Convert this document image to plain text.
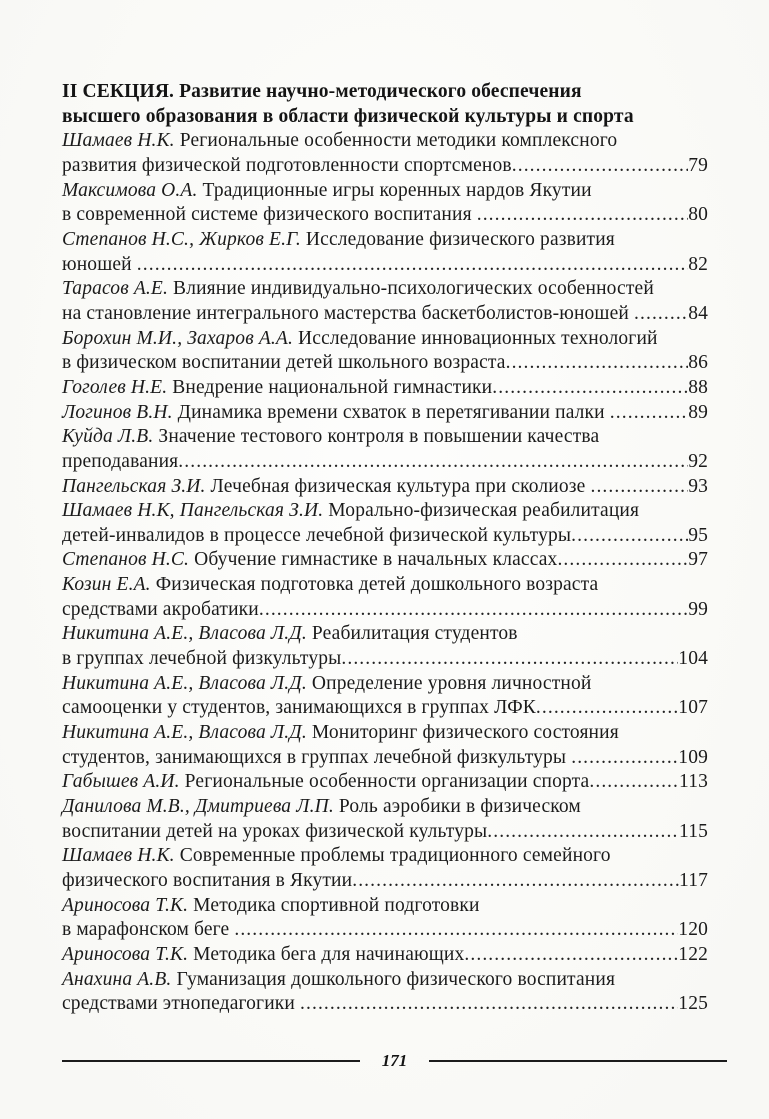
II СЕКЦИЯ. Развитие научно-методического обеспечения
высшего образования в области физической культуры и спорта
Шамаев Н.К. Региональные особенности методики комплексного
развития физической подготовленности спортсменов .....	79
Максимова О.А. Традиционные игры коренных нардов Якутии
в современной системе физического воспитания .....	80
Степанов Н.С., Жирков Е.Г. Исследование физического развития
юношей .....	82
Тарасов А.Е. Влияние индивидуально-психологических особенностей
на становление интегрального мастерства баскетболистов-юношей .....	84
Борохин М.И., Захаров А.А. Исследование инновационных технологий
в физическом воспитании детей школьного возраста .....	86
Гоголев Н.Е. Внедрение национальной гимнастики .....	88
Логинов В.Н. Динамика времени схваток в перетягивании палки .....	89
Куйда Л.В. Значение тестового контроля в повышении качества
преподавания .....	92
Пангельская З.И. Лечебная физическая культура при сколиозе .....	93
Шамаев Н.К, Пангельская З.И. Морально-физическая реабилитация
детей-инвалидов в процессе лечебной физической культуры .....	95
Степанов Н.С. Обучение гимнастике в начальных классах .....	97
Козин Е.А. Физическая подготовка детей дошкольного возраста
средствами акробатики .....	99
Никитина А.Е., Власова Л.Д. Реабилитация студентов
в группах лечебной физкультуры .....	104
Никитина А.Е., Власова Л.Д. Определение уровня личностной
самооценки у студентов, занимающихся в группах ЛФК .....	107
Никитина А.Е., Власова Л.Д. Мониторинг физического состояния
студентов, занимающихся в группах лечебной физкультуры .....	109
Габышев А.И. Региональные особенности организации спорта .....	113
Данилова М.В., Дмитриева Л.П. Роль аэробики в физическом
воспитании детей на уроках физической культуры .....	115
Шамаев Н.К. Современные проблемы традиционного семейного
физического воспитания в Якутии .....	117
Ариносова Т.К. Методика спортивной подготовки
в марафонском беге .....	120
Ариносова Т.К. Методика бега для начинающих .....	122
Анахина А.В. Гуманизация дошкольного физического воспитания
средствами этнопедагогики .....	125
171
